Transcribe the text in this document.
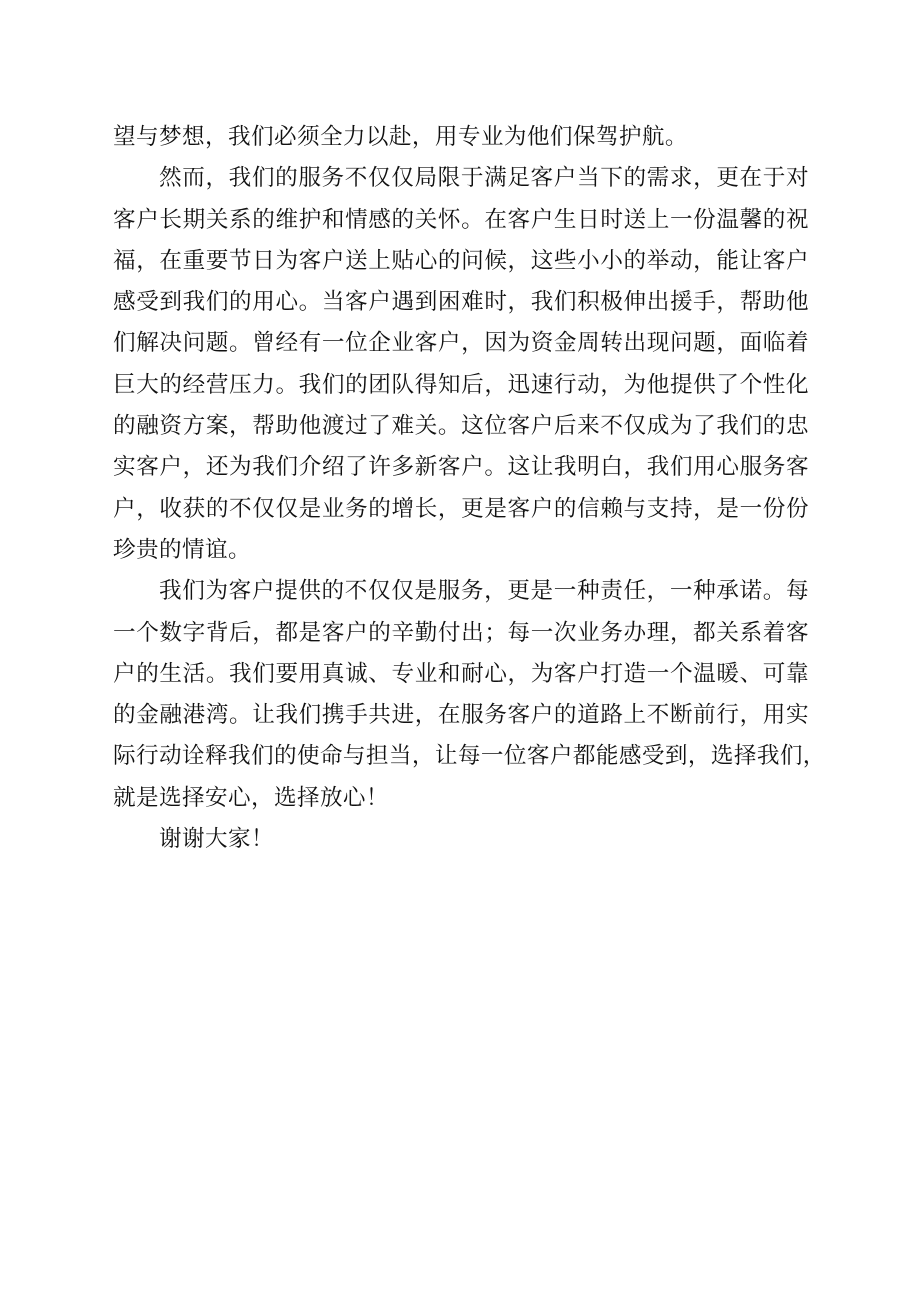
望与梦想，我们必须全力以赴，用专业为他们保驾护航。

然而，我们的服务不仅仅局限于满足客户当下的需求，更在于对
客户长期关系的维护和情感的关怀。在客户生日时送上一份温馨的祝
福，在重要节日为客户送上贴心的问候，这些小小的举动，能让客户
感受到我们的用心。当客户遇到困难时，我们积极伸出援手，帮助他
们解决问题。曾经有一位企业客户，因为资金周转出现问题，面临着
巨大的经营压力。我们的团队得知后，迅速行动，为他提供了个性化
的融资方案，帮助他渡过了难关。这位客户后来不仅成为了我们的忠
实客户，还为我们介绍了许多新客户。这让我明白，我们用心服务客
户，收获的不仅仅是业务的增长，更是客户的信赖与支持，是一份份
珍贵的情谊。

我们为客户提供的不仅仅是服务，更是一种责任，一种承诺。每
一个数字背后，都是客户的辛勤付出；每一次业务办理，都关系着客
户的生活。我们要用真诚、专业和耐心，为客户打造一个温暖、可靠
的金融港湾。让我们携手共进，在服务客户的道路上不断前行，用实
际行动诠释我们的使命与担当，让每一位客户都能感受到，选择我们，
就是选择安心，选择放心！

谢谢大家！
